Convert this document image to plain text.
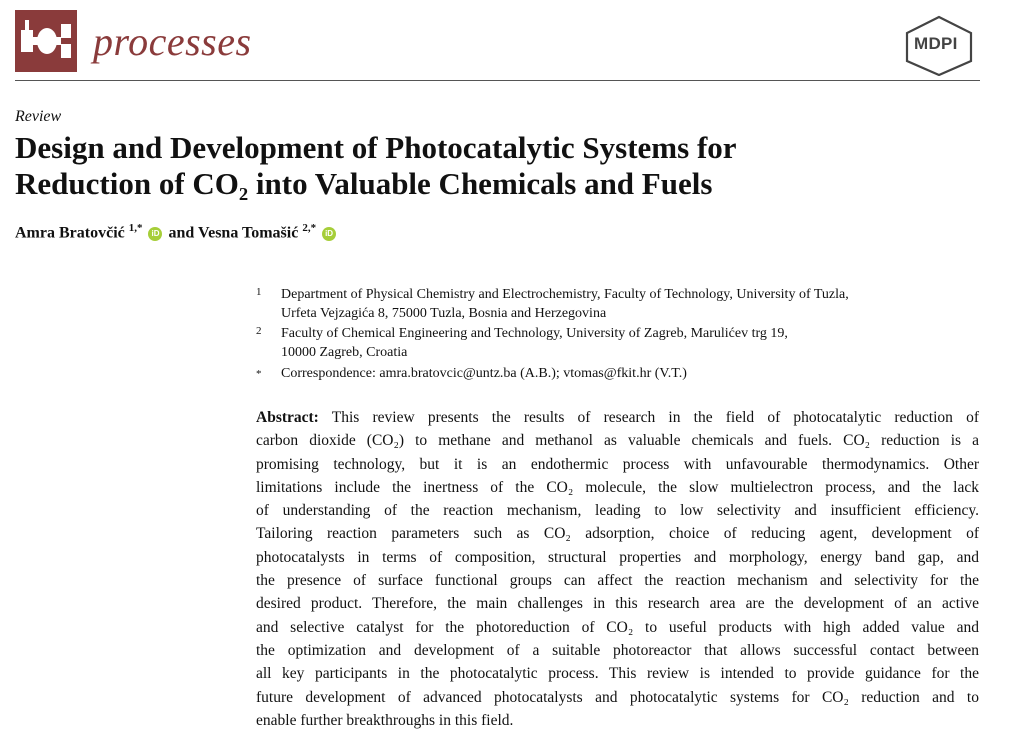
processes	MDPI
Review
Design and Development of Photocatalytic Systems for
Reduction of CO₂ into Valuable Chemicals and Fuels
Amra Bratovčić $^{1,*}$ iD and Vesna Tomašić $^{2,*}$ iD
1 Department of Physical Chemistry and Electrochemistry, Faculty of Technology, University of Tuzla,
Urfeta Vejzagića 8, 75000 Tuzla, Bosnia and Herzegovina
2 Faculty of Chemical Engineering and Technology, University of Zagreb, Marulićev trg 19,
10000 Zagreb, Croatia
* Correspondence: amra.bratovcic@untz.ba (A.B.); vtomas@fkit.hr (V.T.)
Abstract: This review presents the results of research in the field of photocatalytic reduction of
carbon dioxide (CO₂) to methane and methanol as valuable chemicals and fuels. CO₂ reduction is a
promising technology, but it is an endothermic process with unfavourable thermodynamics. Other
limitations include the inertness of the CO₂ molecule, the slow multielectron process, and the lack
of understanding of the reaction mechanism, leading to low selectivity and insufficient efficiency.
Tailoring reaction parameters such as CO₂ adsorption, choice of reducing agent, development of
photocatalysts in terms of composition, structural properties and morphology, energy band gap, and
the presence of surface functional groups can affect the reaction mechanism and selectivity for the
desired product. Therefore, the main challenges in this research area are the development of an active
and selective catalyst for the photoreduction of CO₂ to useful products with high added value and
the optimization and development of a suitable photoreactor that allows successful contact between
all key participants in the photocatalytic process. This review is intended to provide guidance for the
future development of advanced photocatalysts and photocatalytic systems for CO₂ reduction and to
enable further breakthroughs in this field.
